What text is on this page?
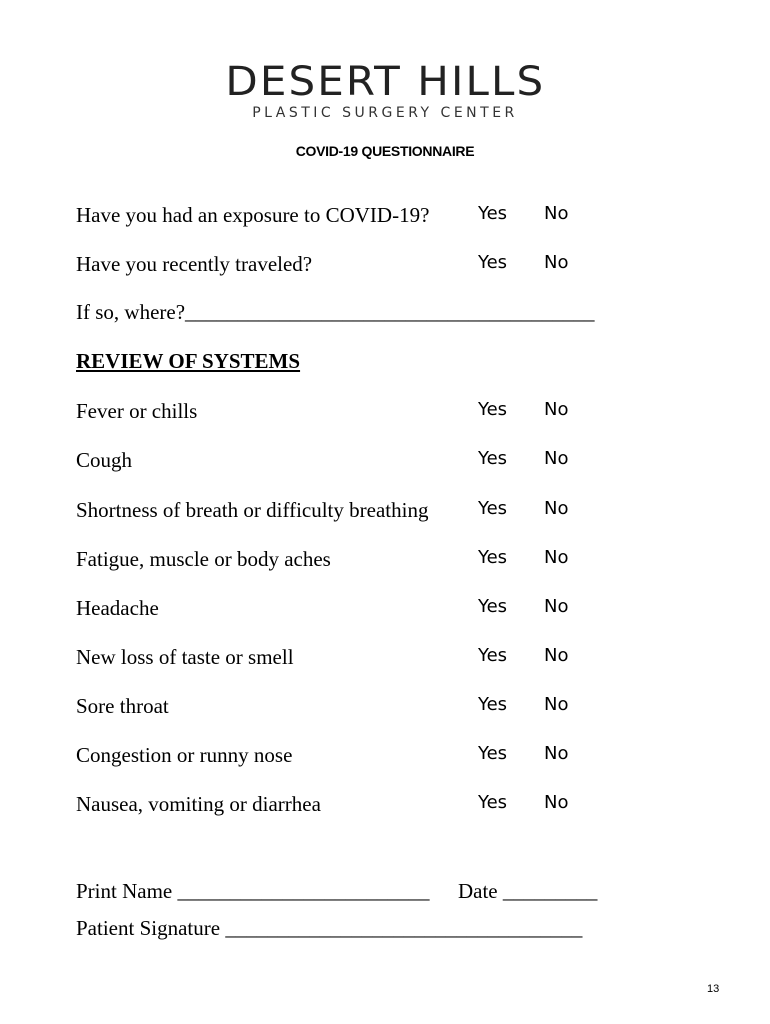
DESERT HILLS
PLASTIC SURGERY CENTER
COVID-19 QUESTIONNAIRE
Have you had an exposure to COVID-19?	Yes No
Have you recently traveled?	Yes No
If so, where?_______________________________________
REVIEW OF SYSTEMS
Fever or chills	Yes No
Cough	Yes No
Shortness of breath or difficulty breathing	Yes No
Fatigue, muscle or body aches	Yes No
Headache	Yes No
New loss of taste or smell	Yes No
Sore throat	Yes No
Congestion or runny nose	Yes No
Nausea, vomiting or diarrhea	Yes No
Print Name ________________________ Date _________
Patient Signature __________________________________
13
